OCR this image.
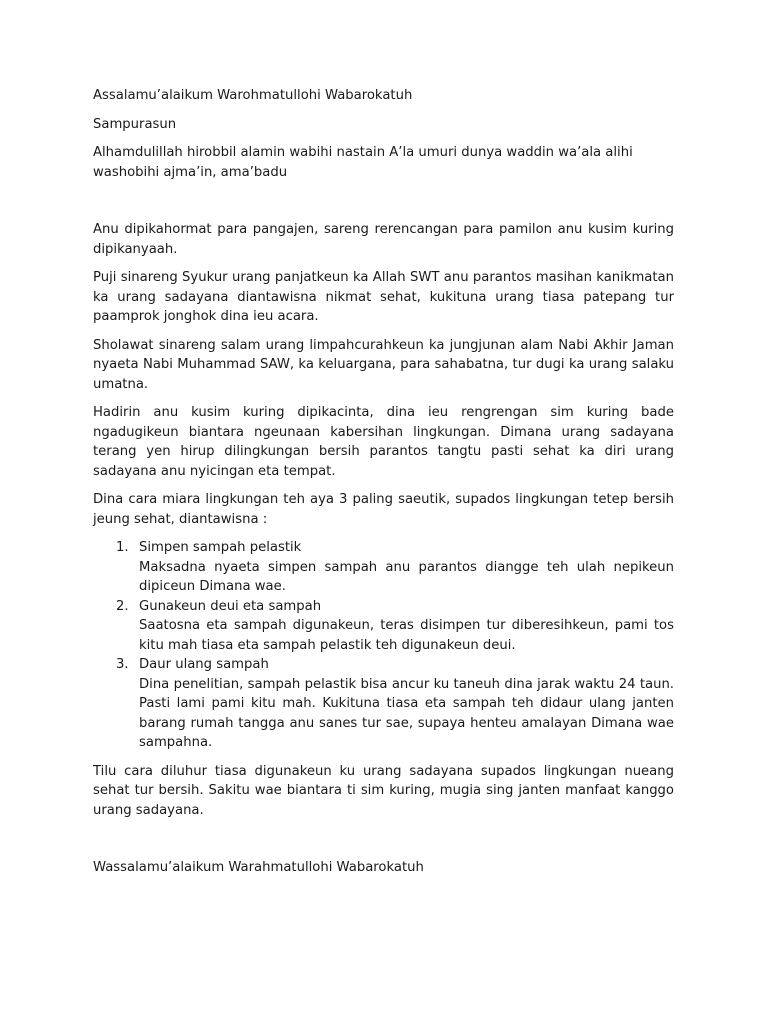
Assalamu’alaikum Warohmatullohi Wabarokatuh

Sampurasun

Alhamdulillah hirobbil alamin wabihi nastain A’la umuri dunya waddin wa’ala alihi washobihi ajma’in, ama’badu

Anu dipikahormat para pangajen, sareng rerencangan para pamilon anu kusim kuring dipikanyaah.

Puji sinareng Syukur urang panjatkeun ka Allah SWT anu parantos masihan kanikmatan ka urang sadayana diantawisna nikmat sehat, kukituna urang tiasa patepang tur paamprok jonghok dina ieu acara.

Sholawat sinareng salam urang limpahcurahkeun ka jungjunan alam Nabi Akhir Jaman nyaeta Nabi Muhammad SAW, ka keluargana, para sahabatna, tur dugi ka urang salaku umatna.

Hadirin anu kusim kuring dipikacinta, dina ieu rengrengan sim kuring bade ngadugikeun biantara ngeunaan kabersihan lingkungan. Dimana urang sadayana terang yen hirup dilingkungan bersih parantos tangtu pasti sehat ka diri urang sadayana anu nyicingan eta tempat.

Dina cara miara lingkungan teh aya 3 paling saeutik, supados lingkungan tetep bersih jeung sehat, diantawisna :

1. Simpen sampah pelastik

Maksadna nyaeta simpen sampah anu parantos diangge teh ulah nepikeun dipiceun Dimana wae.

2. Gunakeun deui eta sampah

Saatosna eta sampah digunakeun, teras disimpen tur diberesihkeun, pami tos kitu mah tiasa eta sampah pelastik teh digunakeun deui.

3. Daur ulang sampah

Dina penelitian, sampah pelastik bisa ancur ku taneuh dina jarak waktu 24 taun. Pasti lami pami kitu mah. Kukituna tiasa eta sampah teh didaur ulang janten barang rumah tangga anu sanes tur sae, supaya henteu amalayan Dimana wae sampahna.

Tilu cara diluhur tiasa digunakeun ku urang sadayana supados lingkungan nueang sehat tur bersih. Sakitu wae biantara ti sim kuring, mugia sing janten manfaat kanggo urang sadayana.

Wassalamu’alaikum Warahmatullohi Wabarokatuh
